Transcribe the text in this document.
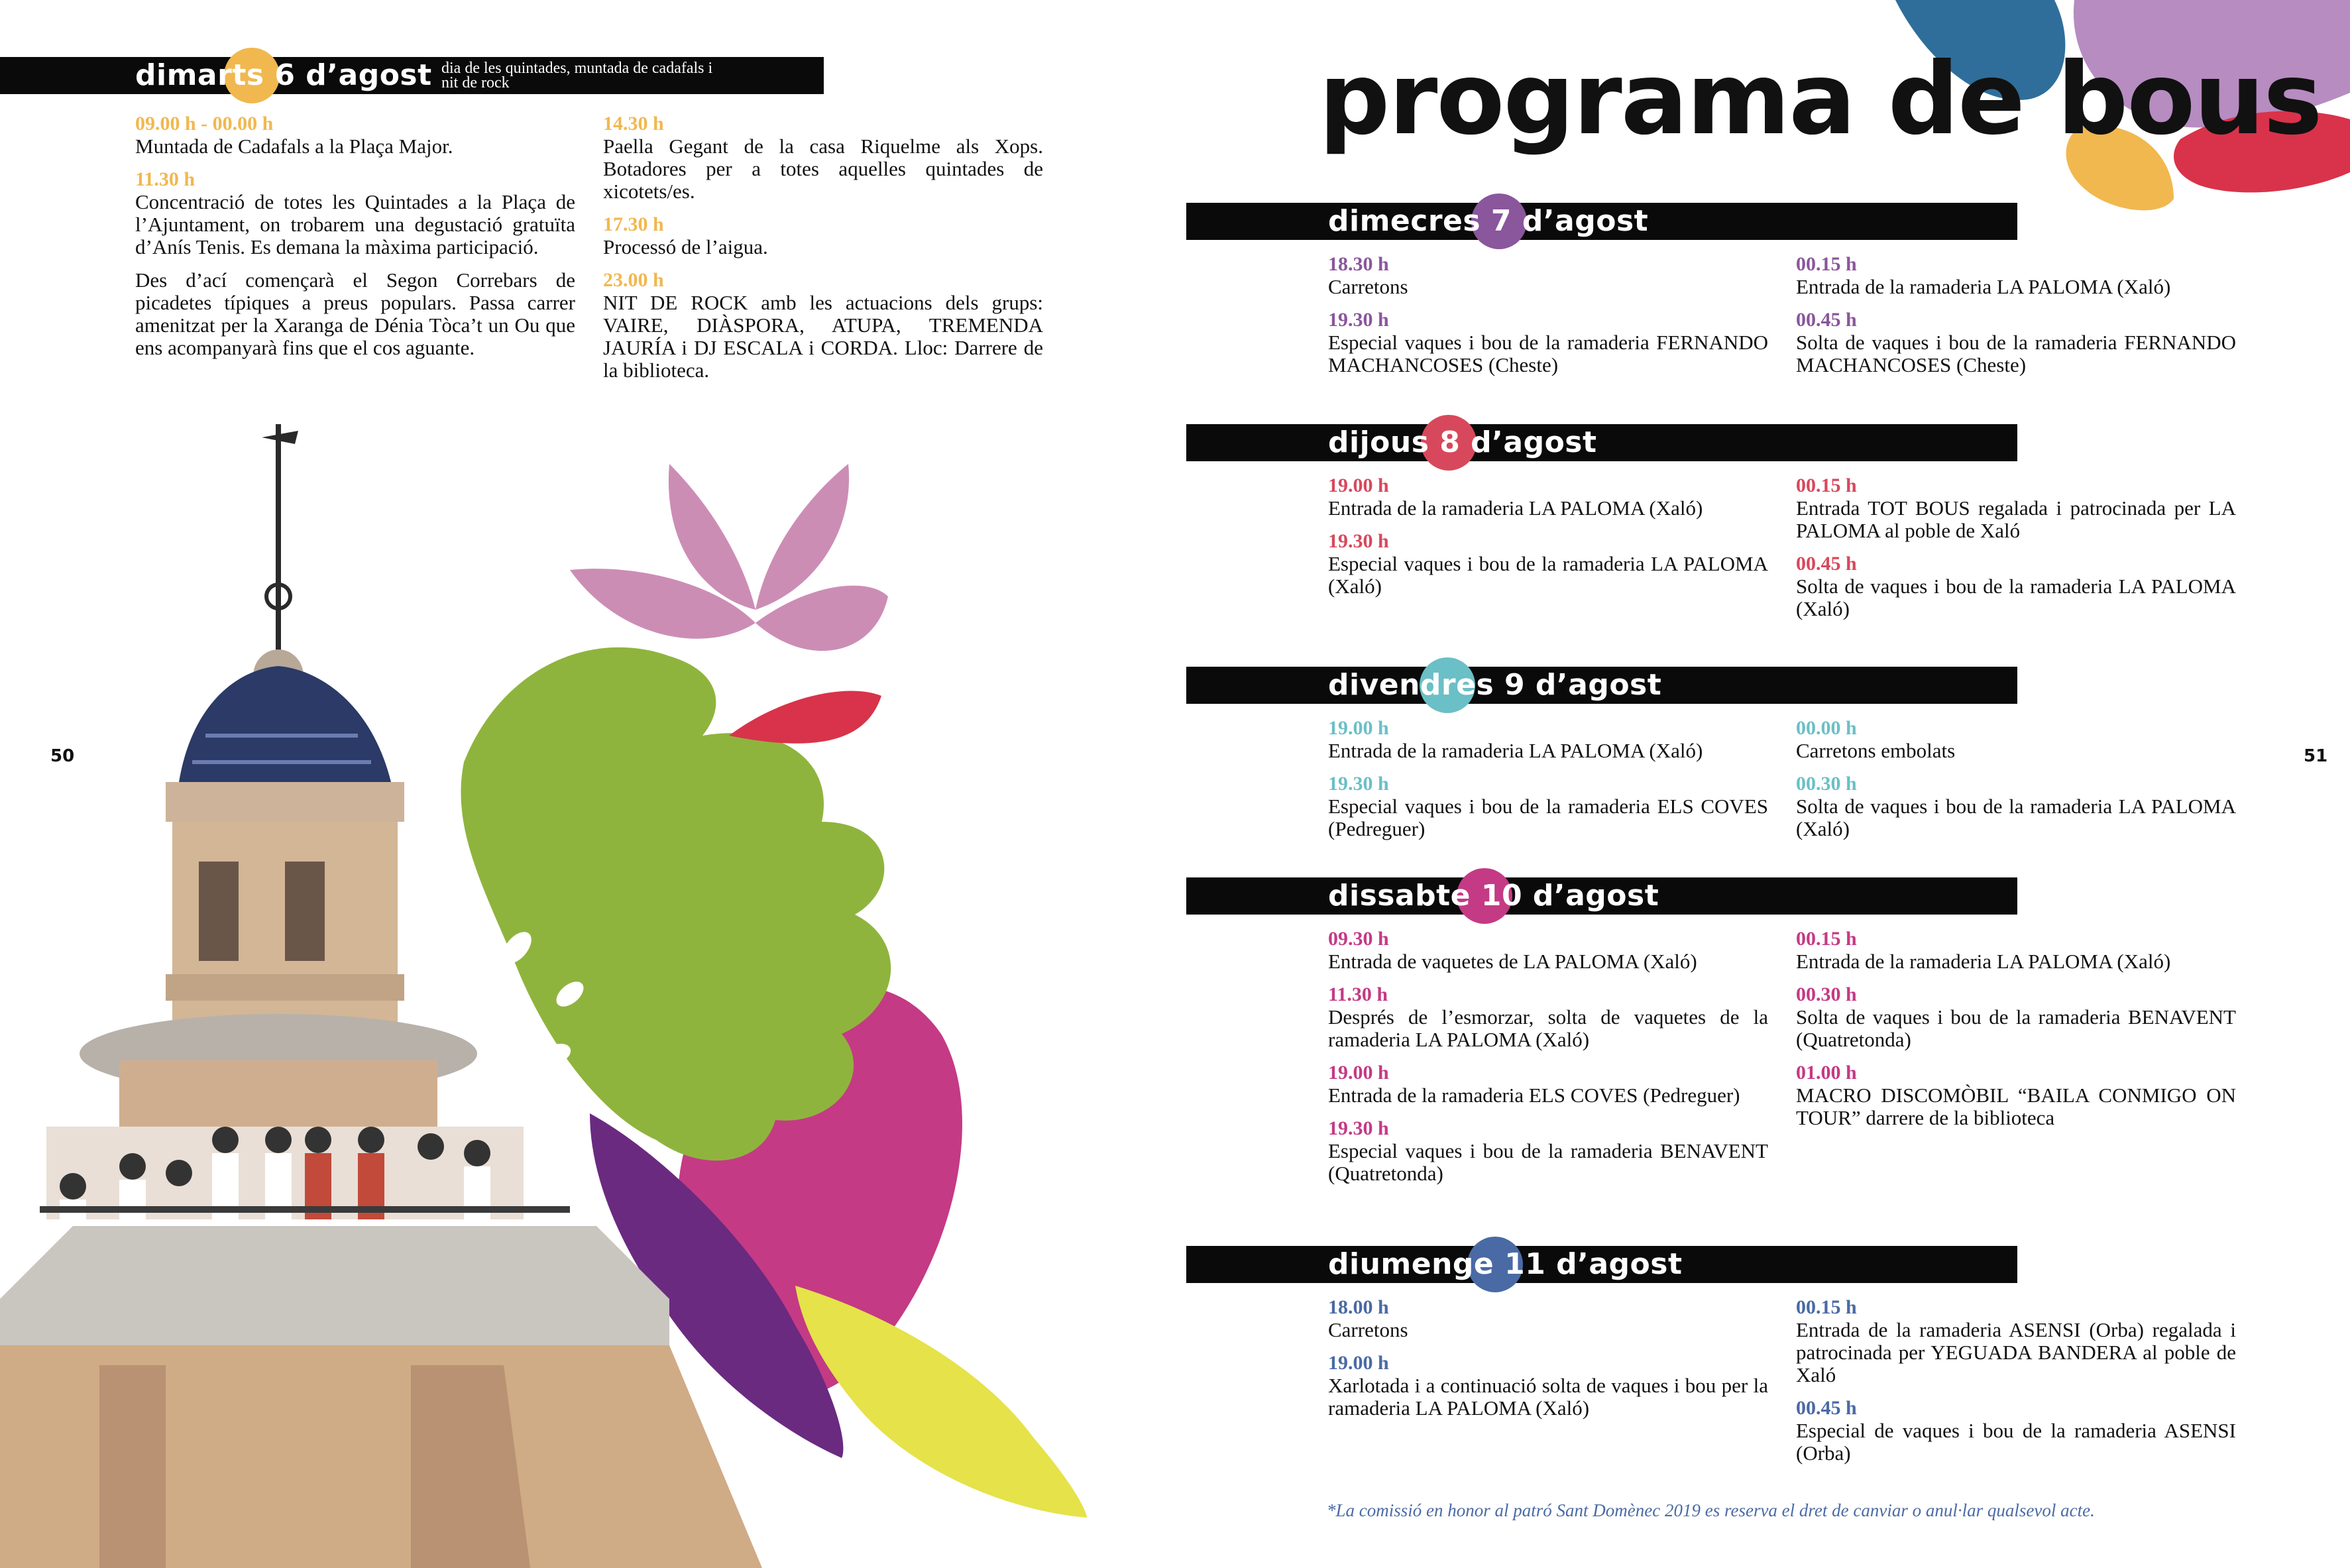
dimarts 6 d’agost dia de les quintades, muntada de cadafals i nit de rock
09.00 h - 00.00 h
Muntada de Cadafals a la Plaça Major.
11.30 h
Concentració de totes les Quintades a la Plaça de l’Ajuntament, on trobarem una degustació gratuïta d’Anís Tenis. Es demana la màxima participació.
Des d’ací començarà el Segon Correbars de picadetes típiques a preus populars. Passa carrer amenitzat per la Xaranga de Dénia Tòca’t un Ou que ens acompanyarà fins que el cos aguante.
14.30 h
Paella Gegant de la casa Riquelme als Xops. Botadores per a totes aquelles quintades de xicotets/es.
17.30 h
Processó de l’aigua.
23.00 h
NIT DE ROCK amb les actuacions dels grups: VAIRE, DIÀSPORA, ATUPA, TREMENDA JAURÍA i DJ ESCALA i CORDA. Lloc: Darrere de la biblioteca.
50
programa de bous
51
dimecres 7 d’agost
18.30 h
Carretons
19.30 h
Especial vaques i bou de la ramaderia FERNANDO MACHANCOSES (Cheste)
00.15 h
Entrada de la ramaderia LA PALOMA (Xaló)
00.45 h
Solta de vaques i bou de la ramaderia FERNANDO MACHANCOSES (Cheste)
dijous 8 d’agost
19.00 h
Entrada de la ramaderia LA PALOMA (Xaló)
19.30 h
Especial vaques i bou de la ramaderia LA PALOMA (Xaló)
00.15 h
Entrada TOT BOUS regalada i patrocinada per LA PALOMA al poble de Xaló
00.45 h
Solta de vaques i bou de la ramaderia LA PALOMA (Xaló)
divendres 9 d’agost
19.00 h
Entrada de la ramaderia LA PALOMA (Xaló)
19.30 h
Especial vaques i bou de la ramaderia ELS COVES (Pedreguer)
00.00 h
Carretons embolats
00.30 h
Solta de vaques i bou de la ramaderia LA PALOMA (Xaló)
dissabte 10 d’agost
09.30 h
Entrada de vaquetes de LA PALOMA (Xaló)
11.30 h
Després de l’esmorzar, solta de vaquetes de la ramaderia LA PALOMA (Xaló)
19.00 h
Entrada de la ramaderia ELS COVES (Pedreguer)
19.30 h
Especial vaques i bou de la ramaderia BENAVENT (Quatretonda)
00.15 h
Entrada de la ramaderia LA PALOMA (Xaló)
00.30 h
Solta de vaques i bou de la ramaderia BENAVENT (Quatretonda)
01.00 h
MACRO DISCOMÒBIL “BAILA CONMIGO ON TOUR” darrere de la biblioteca
diumenge 11 d’agost
18.00 h
Carretons
19.00 h
Xarlotada i a continuació solta de vaques i bou per la ramaderia LA PALOMA (Xaló)
00.15 h
Entrada de la ramaderia ASENSI (Orba) regalada i patrocinada per YEGUADA BANDERA al poble de Xaló
00.45 h
Especial de vaques i bou de la ramaderia ASENSI (Orba)
*La comissió en honor al patró Sant Domènec 2019 es reserva el dret de canviar o anul·lar qualsevol acte.
